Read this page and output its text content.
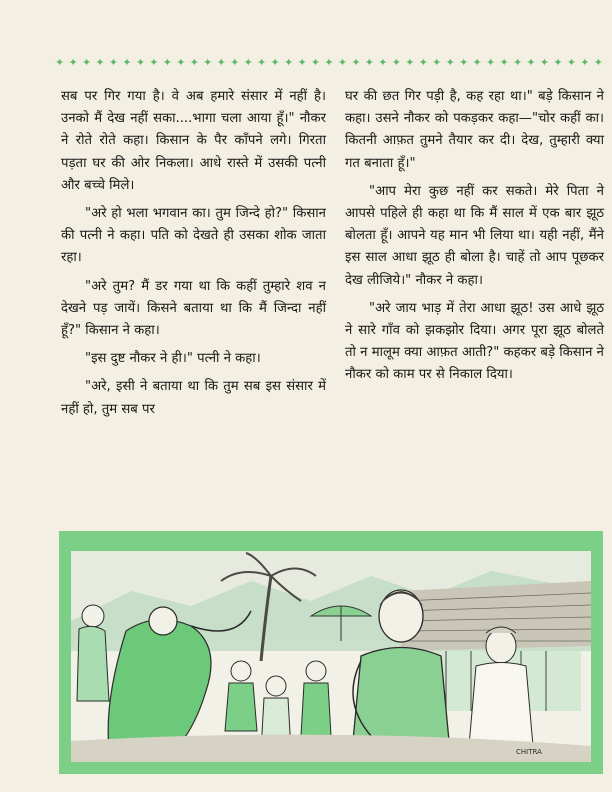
✦ ✦ ✦ ✦ ✦ ✦ ✦ ✦ ✦ ✦ ✦ ✦ ✦ ✦ ✦ ✦ ✦ ✦ ✦ ✦ ✦ ✦ ✦ ✦ ✦ ✦ ✦ ✦ ✦ ✦ ✦ ✦ ✦ ✦ ✦ ✦ ✦ ✦ ✦ ✦ ✦

सब पर गिर गया है। वे अब हमारे संसार में नहीं है। उनको मैं देख नहीं सका....भागा चला आया हूँ।" नौकर ने रोते रोते कहा। किसान के पैर काँपने लगे। गिरता पड़ता घर की ओर निकला। आधे रास्ते में उसकी पत्नी और बच्चे मिले।

"अरे हो भला भगवान का। तुम जिन्दे हो?" किसान की पत्नी ने कहा। पति को देखते ही उसका शोक जाता रहा।

"अरे तुम? मैं डर गया था कि कहीं तुम्हारे शव न देखने पड़ जायें। किसने बताया था कि मैं जिन्दा नहीं हूँ?" किसान ने कहा।

"इस दुष्ट नौकर ने ही।" पत्नी ने कहा।

"अरे, इसी ने बताया था कि तुम सब इस संसार में नहीं हो, तुम सब पर

घर की छत गिर पड़ी है, कह रहा था।" बड़े किसान ने कहा। उसने नौकर को पकड़कर कहा—"चोर कहीं का। कितनी आफ़त तुमने तैयार कर दी। देख, तुम्हारी क्या गत बनाता हूँ।"

"आप मेरा कुछ नहीं कर सकते। मेरे पिता ने आपसे पहिले ही कहा था कि मैं साल में एक बार झूठ बोलता हूँ। आपने यह मान भी लिया था। यही नहीं, मैंने इस साल आधा झूठ ही बोला है। चाहें तो आप पूछकर देख लीजिये।" नौकर ने कहा।

"अरे जाय भाड़ में तेरा आधा झूठ! उस आधे झूठ ने सारे गाँव को झकझोर दिया। अगर पूरा झूठ बोलते तो न मालूम क्या आफ़त आती?" कहकर बड़े किसान ने नौकर को काम पर से निकाल दिया।

CHITRA
